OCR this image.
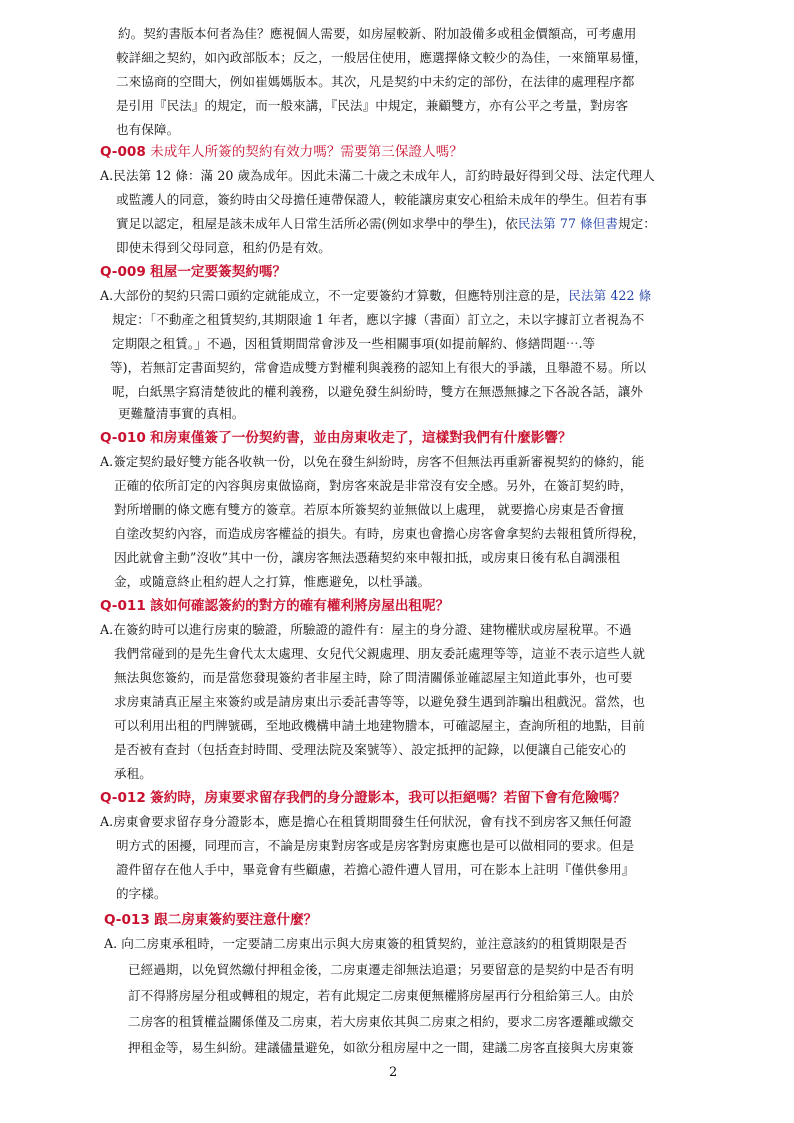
約。契約書版本何者為佳？應視個人需要，如房屋較新、附加設備多或租金價額高，可考慮用
較詳細之契約，如內政部版本；反之，一般居住使用，應選擇條文較少的為佳，一來簡單易懂，
二來協商的空間大，例如崔媽媽版本。其次，凡是契約中未約定的部份，在法律的處理程序都
是引用『民法』的規定，而一般來講，『民法』中規定，兼顧雙方，亦有公平之考量，對房客
也有保障。
Q-008 未成年人所簽的契約有效力嗎？需要第三保證人嗎？
A.民法第 12 條：滿 20 歲為成年。因此未滿二十歲之未成年人，訂約時最好得到父母、法定代理人
或監護人的同意，簽約時由父母擔任連帶保證人，較能讓房東安心租給未成年的學生。但若有事
實足以認定，租屋是該未成年人日常生活所必需(例如求學中的學生)，依民法第 77 條但書規定：
即使未得到父母同意，租約仍是有效。
Q-009 租屋一定要簽契約嗎？
A.大部份的契約只需口頭約定就能成立，不一定要簽約才算數，但應特別注意的是，民法第 422 條
規定：「不動產之租賃契約,其期限逾 1 年者，應以字據（書面）訂立之，未以字據訂立者視為不
定期限之租賃。」不過，因租賃期間常會涉及一些相關事項(如提前解約、修繕問題⋯.等
等)，若無訂定書面契約，常會造成雙方對權利與義務的認知上有很大的爭議，且舉證不易。所以
呢，白紙黑字寫清楚彼此的權利義務，以避免發生糾紛時，雙方在無憑無據之下各說各話，讓外
更難釐清事實的真相。
Q-010 和房東僅簽了一份契約書，並由房東收走了，這樣對我們有什麼影響？
A.簽定契約最好雙方能各收執一份，以免在發生糾紛時，房客不但無法再重新審視契約的條約，能
正確的依所訂定的內容與房東做協商，對房客來說是非常沒有安全感。另外，在簽訂契約時，
對所增刪的條文應有雙方的簽章。若原本所簽契約並無做以上處理， 就要擔心房東是否會擅
自塗改契約內容，而造成房客權益的損失。有時，房東也會擔心房客會拿契約去報租賃所得稅，
因此就會主動”沒收”其中一份，讓房客無法憑藉契約來申報扣抵，或房東日後有私自調漲租
金，或隨意終止租約趕人之打算，惟應避免，以杜爭議。
Q-011 該如何確認簽約的對方的確有權利將房屋出租呢？
A.在簽約時可以進行房東的驗證，所驗證的證件有：屋主的身分證、建物權狀或房屋稅單。不過
我們常碰到的是先生會代太太處理、女兒代父親處理、朋友委託處理等等，這並不表示這些人就
無法與您簽約，而是當您發現簽約者非屋主時，除了問清關係並確認屋主知道此事外，也可要
求房東請真正屋主來簽約或是請房東出示委託書等等，以避免發生遇到詐騙出租戲況。當然，也
可以利用出租的門牌號碼，至地政機構申請土地建物謄本，可確認屋主，查詢所租的地點，目前
是否被有查封（包括查封時間、受理法院及案號等）、設定抵押的記錄，以便讓自己能安心的
承租。
Q-012 簽約時，房東要求留存我們的身分證影本，我可以拒絕嗎？若留下會有危險嗎？
A.房東會要求留存身分證影本，應是擔心在租賃期間發生任何狀況，會有找不到房客又無任何證
明方式的困擾，同理而言，不論是房東對房客或是房客對房東應也是可以做相同的要求。但是
證件留存在他人手中，畢竟會有些顧慮，若擔心證件遭人冒用，可在影本上註明『僅供參用』
的字樣。
Q-013 跟二房東簽約要注意什麼？
A. 向二房東承租時，一定要請二房東出示與大房東簽的租賃契約，並注意該約的租賃期限是否
已經過期，以免貿然繳付押租金後，二房東遷走卻無法追還；另要留意的是契約中是否有明
訂不得將房屋分租或轉租的規定，若有此規定二房東便無權將房屋再行分租給第三人。由於
二房客的租賃權益關係僅及二房東，若大房東依其與二房東之相約，要求二房客遷離或繳交
押租金等，易生糾紛。建議儘量避免，如欲分租房屋中之一間，建議二房客直接與大房東簽
2
